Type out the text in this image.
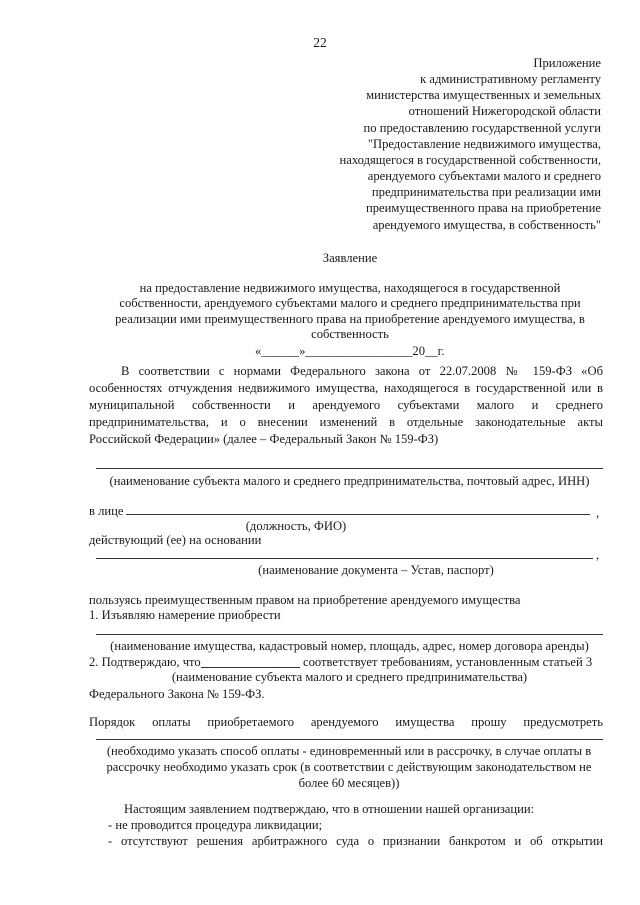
22
Приложение
к административному регламенту
министерства имущественных и земельных
отношений Нижегородской области
по предоставлению государственной услуги
"Предоставление недвижимого имущества,
находящегося в государственной собственности,
арендуемого субъектами малого и среднего
предпринимательства при реализации ими
преимущественного права на приобретение
арендуемого имущества, в собственность"
Заявление
на предоставление недвижимого имущества, находящегося в государственной
собственности, арендуемого субъектами малого и среднего предпринимательства при
реализации ими преимущественного права на приобретение арендуемого имущества, в
собственность
«______»_________________20__г.
В соответствии с нормами Федерального закона от 22.07.2008 № 159-ФЗ «Об
особенностях отчуждения недвижимого имущества, находящегося в государственной или в
муниципальной собственности и арендуемого субъектами малого и среднего
предпринимательства, и о внесении изменений в отдельные законодательные акты
Российской Федерации» (далее – Федеральный Закон № 159-ФЗ)
(наименование субъекта малого и среднего предпринимательства, почтовый адрес, ИНН)
в лице	,
(должность, ФИО)
действующий (ее) на основании
,
(наименование документа – Устав, паспорт)
пользуясь преимущественным правом на приобретение арендуемого имущества
1. Изъявляю намерение приобрести
(наименование имущества, кадастровый номер, площадь, адрес, номер договора аренды)
2. Подтверждаю, что	соответствует требованиям, установленным статьей 3
(наименование субъекта малого и среднего предпринимательства)
Федерального Закона № 159-ФЗ.
Порядок оплаты приобретаемого арендуемого имущества прошу предусмотреть
(необходимо указать способ оплаты - единовременный или в рассрочку, в случае оплаты в
рассрочку необходимо указать срок (в соответствии с действующим законодательством не
более 60 месяцев))
Настоящим заявлением подтверждаю, что в отношении нашей организации:
- не проводится процедура ликвидации;
- отсутствуют решения арбитражного суда о признании банкротом и об открытии
